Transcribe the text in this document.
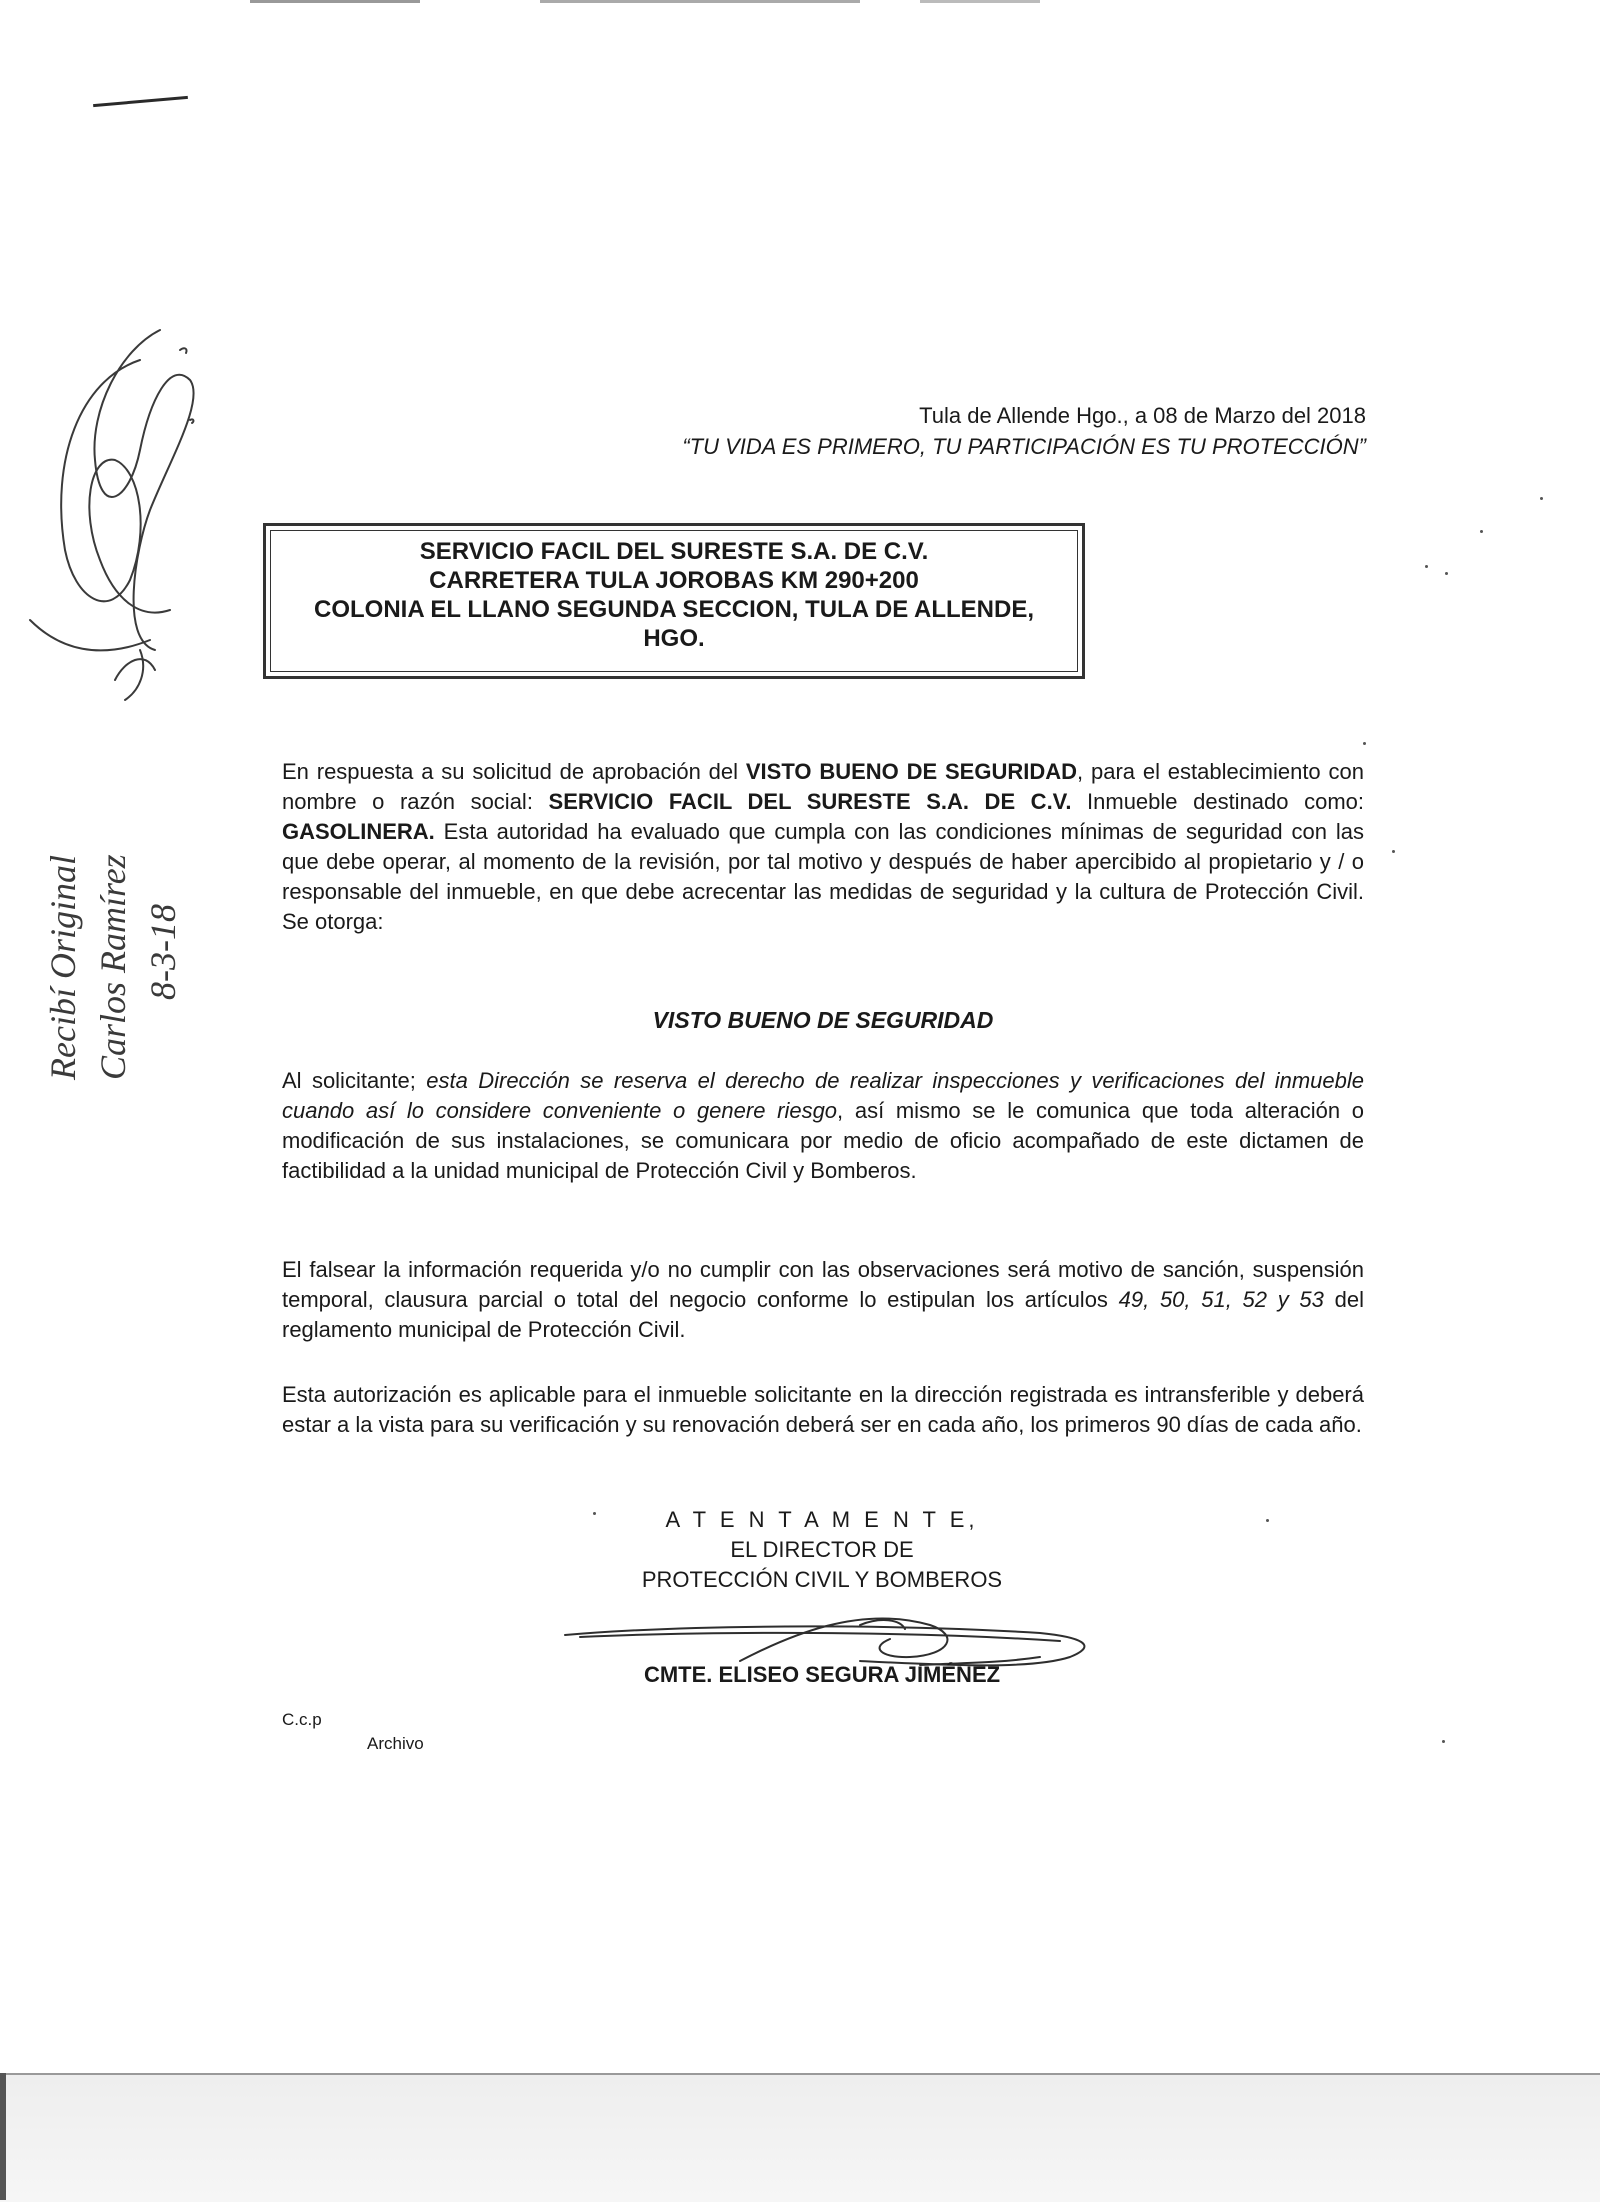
Recibí Original Carlos Ramírez 8-3-18
Tula de Allende Hgo., a 08 de Marzo del 2018
“TU VIDA ES PRIMERO, TU PARTICIPACIÓN ES TU PROTECCIÓN”
SERVICIO FACIL DEL SURESTE S.A. DE C.V.
CARRETERA TULA JOROBAS KM 290+200
COLONIA EL LLANO SEGUNDA SECCION, TULA DE ALLENDE,
HGO.
En respuesta a su solicitud de aprobación del VISTO BUENO DE SEGURIDAD, para el establecimiento con nombre o razón social: SERVICIO FACIL DEL SURESTE S.A. DE C.V. Inmueble destinado como: GASOLINERA. Esta autoridad ha evaluado que cumpla con las condiciones mínimas de seguridad con las que debe operar, al momento de la revisión, por tal motivo y después de haber apercibido al propietario y / o responsable del inmueble, en que debe acrecentar las medidas de seguridad y la cultura de Protección Civil. Se otorga:
VISTO BUENO DE SEGURIDAD
Al solicitante; esta Dirección se reserva el derecho de realizar inspecciones y verificaciones del inmueble cuando así lo considere conveniente o genere riesgo, así mismo se le comunica que toda alteración o modificación de sus instalaciones, se comunicara por medio de oficio acompañado de este dictamen de factibilidad a la unidad municipal de Protección Civil y Bomberos.
El falsear la información requerida y/o no cumplir con las observaciones será motivo de sanción, suspensión temporal, clausura parcial o total del negocio conforme lo estipulan los artículos 49, 50, 51, 52 y 53 del reglamento municipal de Protección Civil.
Esta autorización es aplicable para el inmueble solicitante en la dirección registrada es intransferible y deberá estar a la vista para su verificación y su renovación deberá ser en cada año, los primeros 90 días de cada año.
A T E N T A M E N T E,
EL DIRECTOR DE
PROTECCIÓN CIVIL Y BOMBEROS
CMTE. ELISEO SEGURA JIMÉNEZ
C.c.p
Archivo
